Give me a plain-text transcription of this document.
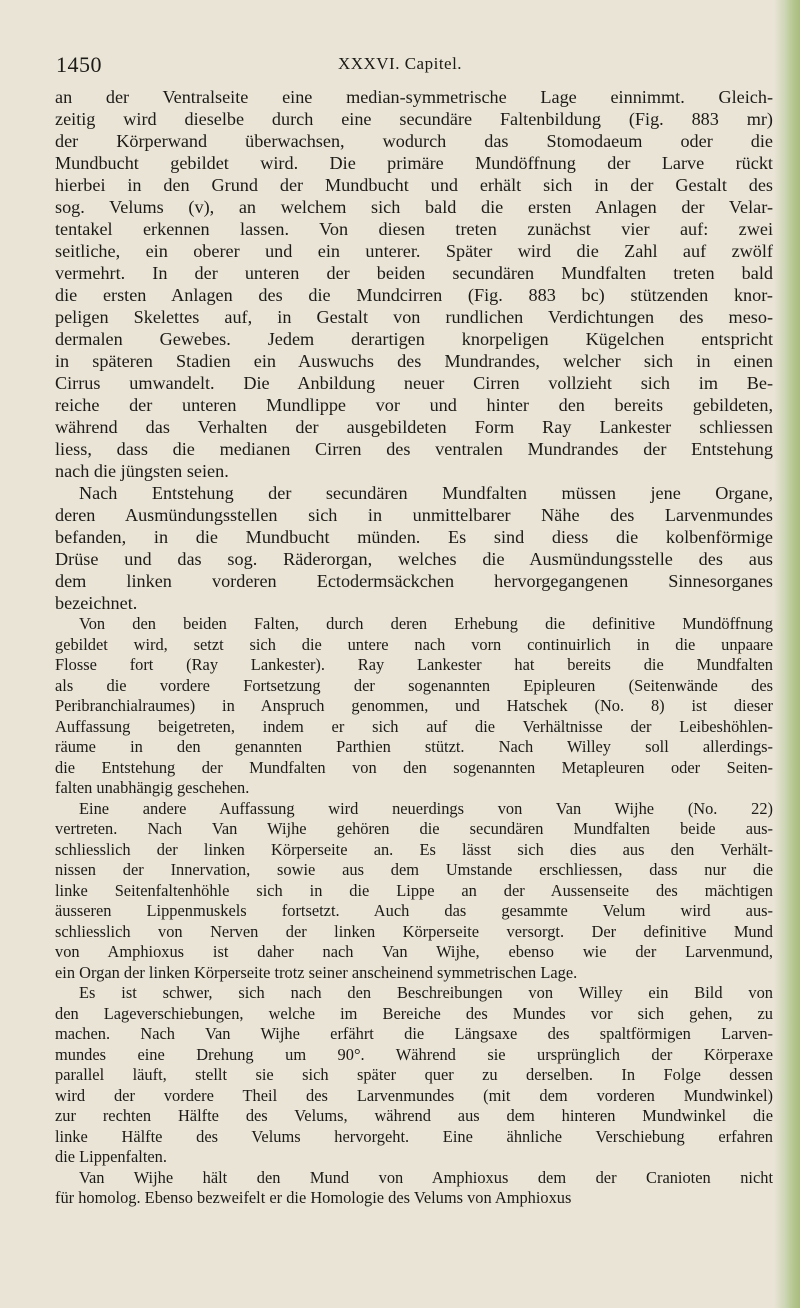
1450	XXXVI. Capitel.
an der Ventralseite eine median-symmetrische Lage einnimmt. Gleich-
zeitig wird dieselbe durch eine secundäre Faltenbildung (Fig. 883 mr)
der Körperwand überwachsen, wodurch das Stomodaeum oder die
Mundbucht gebildet wird. Die primäre Mundöffnung der Larve rückt
hierbei in den Grund der Mundbucht und erhält sich in der Gestalt des
sog. Velums (v), an welchem sich bald die ersten Anlagen der Velar-
tentakel erkennen lassen. Von diesen treten zunächst vier auf: zwei
seitliche, ein oberer und ein unterer. Später wird die Zahl auf zwölf
vermehrt. In der unteren der beiden secundären Mundfalten treten bald
die ersten Anlagen des die Mundcirren (Fig. 883 bc) stützenden knor-
peligen Skelettes auf, in Gestalt von rundlichen Verdichtungen des meso-
dermalen Gewebes. Jedem derartigen knorpeligen Kügelchen entspricht
in späteren Stadien ein Auswuchs des Mundrandes, welcher sich in einen
Cirrus umwandelt. Die Anbildung neuer Cirren vollzieht sich im Be-
reiche der unteren Mundlippe vor und hinter den bereits gebildeten,
während das Verhalten der ausgebildeten Form Ray Lankester schliessen
liess, dass die medianen Cirren des ventralen Mundrandes der Entstehung
nach die jüngsten seien.
Nach Entstehung der secundären Mundfalten müssen jene Organe,
deren Ausmündungsstellen sich in unmittelbarer Nähe des Larvenmundes
befanden, in die Mundbucht münden. Es sind diess die kolbenförmige
Drüse und das sog. Räderorgan, welches die Ausmündungsstelle des aus
dem linken vorderen Ectodermsäckchen hervorgegangenen Sinnesorganes
bezeichnet.
Von den beiden Falten, durch deren Erhebung die definitive Mundöffnung
gebildet wird, setzt sich die untere nach vorn continuirlich in die unpaare
Flosse fort (Ray Lankester). Ray Lankester hat bereits die Mundfalten
als die vordere Fortsetzung der sogenannten Epipleuren (Seitenwände des
Peribranchialraumes) in Anspruch genommen, und Hatschek (No. 8) ist dieser
Auffassung beigetreten, indem er sich auf die Verhältnisse der Leibeshöhlen-
räume in den genannten Parthien stützt. Nach Willey soll allerdings-
die Entstehung der Mundfalten von den sogenannten Metapleuren oder Seiten-
falten unabhängig geschehen.
Eine andere Auffassung wird neuerdings von Van Wijhe (No. 22)
vertreten. Nach Van Wijhe gehören die secundären Mundfalten beide aus-
schliesslich der linken Körperseite an. Es lässt sich dies aus den Verhält-
nissen der Innervation, sowie aus dem Umstande erschliessen, dass nur die
linke Seitenfaltenhöhle sich in die Lippe an der Aussenseite des mächtigen
äusseren Lippenmuskels fortsetzt. Auch das gesammte Velum wird aus-
schliesslich von Nerven der linken Körperseite versorgt. Der definitive Mund
von Amphioxus ist daher nach Van Wijhe, ebenso wie der Larvenmund,
ein Organ der linken Körperseite trotz seiner anscheinend symmetrischen Lage.
Es ist schwer, sich nach den Beschreibungen von Willey ein Bild von
den Lageverschiebungen, welche im Bereiche des Mundes vor sich gehen, zu
machen. Nach Van Wijhe erfährt die Längsaxe des spaltförmigen Larven-
mundes eine Drehung um 90°. Während sie ursprünglich der Körperaxe
parallel läuft, stellt sie sich später quer zu derselben. In Folge dessen
wird der vordere Theil des Larvenmundes (mit dem vorderen Mundwinkel)
zur rechten Hälfte des Velums, während aus dem hinteren Mundwinkel die
linke Hälfte des Velums hervorgeht. Eine ähnliche Verschiebung erfahren
die Lippenfalten.
Van Wijhe hält den Mund von Amphioxus dem der Cranioten nicht
für homolog. Ebenso bezweifelt er die Homologie des Velums von Amphioxus
